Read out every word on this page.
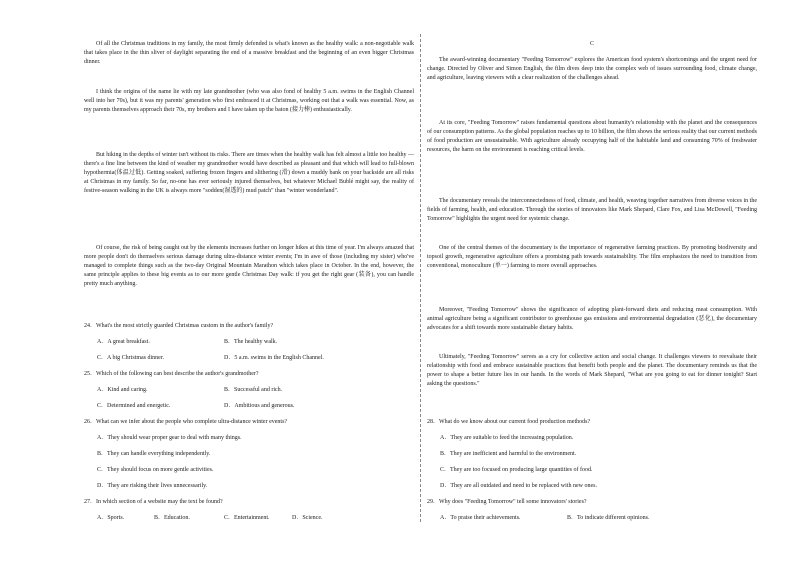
Of all the Christmas traditions in my family, the most firmly defended is what's known as the healthy walk: a non-negotiable walk that takes place in the thin sliver of daylight separating the end of a massive breakfast and the beginning of an even bigger Christmas dinner.

I think the origins of the name lie with my late grandmother (who was also fond of healthy 5 a.m. swims in the English Channel well into her 70s), but it was my parents' generation who first embraced it at Christmas, working out that a walk was essential. Now, as my parents themselves approach their 70s, my brothers and I have taken up the baton (接力棒) enthusiastically.

But hiking in the depths of winter isn't without its risks. There are times when the healthy walk has felt almost a little too healthy — there's a fine line between the kind of weather my grandmother would have described as pleasant and that which will lead to full-blown hypothermia(体温过低). Getting soaked, suffering frozen fingers and slithering (滑) down a muddy bank on your backside are all risks at Christmas in my family. So far, no-one has ever seriously injured themselves, but whatever Michael Bublé might say, the reality of festive-season walking in the UK is always more "sodden(湿透的) mud patch" than "winter wonderland".

Of course, the risk of being caught out by the elements increases further on longer hikes at this time of year. I'm always amazed that more people don't do themselves serious damage during ultra-distance winter events; I'm in awe of those (including my sister) who've managed to complete things such as the two-day Original Mountain Marathon which takes place in October. In the end, however, the same principle applies to these big events as to our more gentle Christmas Day walk: if you get the right gear (装备), you can handle pretty much anything.

24．What's the most strictly guarded Christmas custom in the author's family?

A．A great breakfast.	B．The healthy walk.

C．A big Christmas dinner.	D．5 a.m. swims in the English Channel.

25．Which of the following can best describe the author's grandmother?

A．Kind and caring.	B．Successful and rich.

C．Determined and energetic.	D．Ambitious and generous.

26．What can we infer about the people who complete ultra-distance winter events?

A．They should wear proper gear to deal with many things.

B．They can handle everything independently.

C．They should focus on more gentle activities.

D．They are risking their lives unnecessarily.

27．In which section of a website may the text be found?

A．Sports.	B．Education.	C．Entertainment.	D．Science.

C

The award-winning documentary "Feeding Tomorrow" explores the American food system's shortcomings and the urgent need for change. Directed by Oliver and Simon English, the film dives deep into the complex web of issues surrounding food, climate change, and agriculture, leaving viewers with a clear realization of the challenges ahead.

At its core, "Feeding Tomorrow" raises fundamental questions about humanity's relationship with the planet and the consequences of our consumption patterns. As the global population reaches up to 10 billion, the film shows the serious reality that our current methods of food production are unsustainable. With agriculture already occupying half of the habitable land and consuming 70% of freshwater resources, the harm on the environment is reaching critical levels.

The documentary reveals the interconnectedness of food, climate, and health, weaving together narratives from diverse voices in the fields of farming, health, and education. Through the stories of innovators like Mark Shepard, Clare Fox, and Lisa McDowell, "Feeding Tomorrow" highlights the urgent need for systemic change.

One of the central themes of the documentary is the importance of regenerative farming practices. By promoting biodiversity and topsoil growth, regenerative agriculture offers a promising path towards sustainability. The film emphasizes the need to transition from conventional, monoculture (单一) farming to more overall approaches.

Moreover, "Feeding Tomorrow" shows the significance of adopting plant-forward diets and reducing meat consumption. With animal agriculture being a significant contributor to greenhouse gas emissions and environmental degradation (恶化), the documentary advocates for a shift towards more sustainable dietary habits.

Ultimately, "Feeding Tomorrow" serves as a cry for collective action and social change. It challenges viewers to reevaluate their relationship with food and embrace sustainable practices that benefit both people and the planet. The documentary reminds us that the power to shape a better future lies in our hands. In the words of Mark Shepard, "What are you going to eat for dinner tonight? Start asking the questions."

28．What do we know about our current food production methods?

A．They are suitable to feed the increasing population.

B．They are inefficient and harmful to the environment.

C．They are too focused on producing large quantities of food.

D．They are all outdated and need to be replaced with new ones.

29．Why does "Feeding Tomorrow" tell some innovators' stories?

A．To praise their achievements.	B．To indicate different opinions.
